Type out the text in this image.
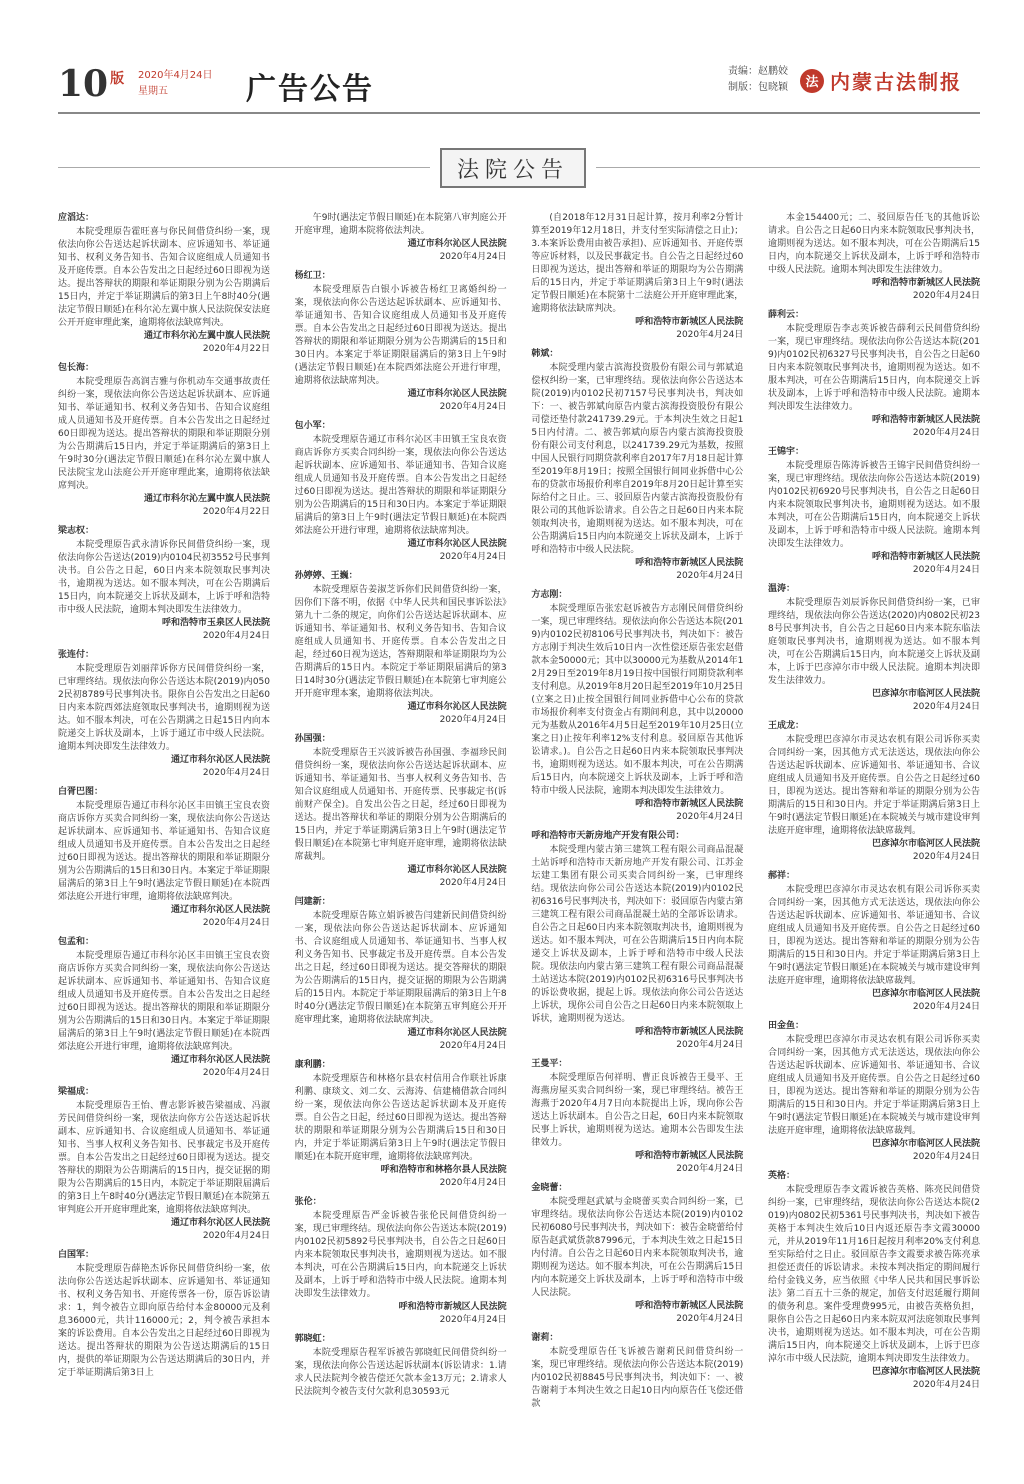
10 版 2020年4月24日
星期五	广告公告
责编：赵鹏姣
制版：包晓颖	法 内蒙古法制报
法院公告
应滔达：
本院受理原告霍旺喜与你民间借贷纠纷一案，现依法向你公告送达起诉状副本、应诉通知书、举证通知书、权利义务告知书、告知合议庭组成人员通知书及开庭传票。自本公告发出之日起经过60日即视为送达。提出答辩状的期限和举证期限分别为公告期满后15日内，并定于举证期满后的第3日上午8时40分(遇法定节假日顺延)在科尔沁左翼中旗人民法院保安法庭公开开庭审理此案，逾期将依法缺席判决。
通辽市科尔沁左翼中旗人民法院
2020年4月22日
包长海：
本院受理原告高润吉雅与你机动车交通事故责任纠纷一案，现依法向你公告送达起诉状副本、应诉通知书、举证通知书、权利义务告知书、告知合议庭组成人员通知书及开庭传票。自本公告发出之日起经过60日即视为送达。提出答辩状的期限和举证期限分别为公告期满后15日内，并定于举证期满后的第3日上午9时30分(遇法定节假日顺延)在科尔沁左翼中旗人民法院宝龙山法庭公开开庭审理此案，逾期将依法缺席判决。
通辽市科尔沁左翼中旗人民法院
2020年4月22日
梁志权：
本院受理原告武永清诉你民间借贷纠纷一案，现依法向你公告送达(2019)内0104民初3552号民事判决书。自公告之日起，60日内来本院领取民事判决书，逾期视为送达。如不服本判决，可在公告期满后15日内，向本院递交上诉状及副本，上诉于呼和浩特市中级人民法院，逾期本判决即发生法律效力。
呼和浩特市玉泉区人民法院
2020年4月24日
张连付：
本院受理原告刘丽萍诉你方民间借贷纠纷一案，已审理终结。现依法向你公告送达本院(2019)内0502民初8789号民事判决书。限你自公告发出之日起60日内来本院西郊法庭领取民事判决书，逾期则视为送达。如不服本判决，可在公告期满之日起15日内向本院递交上诉状及副本，上诉于通辽市中级人民法院。逾期本判决即发生法律效力。
通辽市科尔沁区人民法院
2020年4月24日
白胥巴图：
本院受理原告通辽市科尔沁区丰田镇王宝良农资商店诉你方买卖合同纠纷一案，现依法向你公告送达起诉状副本、应诉通知书、举证通知书、告知合议庭组成人员通知书及开庭传票。自本公告发出之日起经过60日即视为送达。提出答辩状的期限和举证期限分别为公告期满后的15日和30日内。本案定于举证期限届满后的第3日上午9时(遇法定节假日顺延)在本院西郊法庭公开进行审理，逾期将依法缺席判决。
通辽市科尔沁区人民法院
2020年4月24日
包孟和：
本院受理原告通辽市科尔沁区丰田镇王宝良农资商店诉你方买卖合同纠纷一案，现依法向你公告送达起诉状副本、应诉通知书、举证通知书、告知合议庭组成人员通知书及开庭传票。自本公告发出之日起经过60日即视为送达。提出答辩状的期限和举证期限分别为公告期满后的15日和30日内。本案定于举证期限届满后的第3日上午9时(遇法定节假日顺延)在本院西郊法庭公开进行审理，逾期将依法缺席判决。
通辽市科尔沁区人民法院
2020年4月24日
梁福成：
本院受理原告王怡、曹志影诉被告梁福成、冯淑芳民间借贷纠纷一案，现依法向你方公告送达起诉状副本、应诉通知书、合议庭组成人员通知书、举证通知书、当事人权利义务告知书、民事裁定书及开庭传票。自本公告发出之日起经过60日即视为送达。提交答辩状的期限为公告期满后的15日内，提交证据的期限为公告期满后的15日内，本院定于举证期限届满后的第3日上午8时40分(遇法定节假日顺延)在本院第五审判庭公开开庭审理此案，逾期将依法缺席判决。
通辽市科尔沁区人民法院
2020年4月24日
白国军：
本院受理原告薛艳杰诉你民间借贷纠纷一案，依法向你公告送达起诉状副本、应诉通知书、举证通知书、权利义务告知书、开庭传票各一份，原告诉讼请求：1，判令被告立即向原告给付本金80000元及利息36000元，共计116000元；2，判令被告承担本案的诉讼费用。自本公告发出之日起经过60日即视为送达。提出答辩状的期限为公告送达期满后的15日内，提供的举证期限为公告送达期满后的30日内，并定于举证期满后第3日上
午9时(遇法定节假日顺延)在本院第八审判庭公开开庭审理，逾期本院将依法判决。
通辽市科尔沁区人民法院
2020年4月24日
杨红卫：
本院受理原告白银小诉被告杨红卫离婚纠纷一案，现依法向你公告送达起诉状副本、应诉通知书、举证通知书、告知合议庭组成人员通知书及开庭传票。自本公告发出之日起经过60日即视为送达。提出答辩状的期限和举证期限分别为公告期满后的15日和30日内。本案定于举证期限届满后的第3日上午9时(遇法定节假日顺延)在本院西郊法庭公开进行审理，逾期将依法缺席判决。
通辽市科尔沁区人民法院
2020年4月24日
包小军：
本院受理原告通辽市科尔沁区丰田镇王宝良农资商店诉你方买卖合同纠纷一案，现依法向你公告送达起诉状副本、应诉通知书、举证通知书、告知合议庭组成人员通知书及开庭传票。自本公告发出之日起经过60日即视为送达。提出答辩状的期限和举证期限分别为公告期满后的15日和30日内。本案定于举证期限届满后的第3日上午9时(遇法定节假日顺延)在本院西郊法庭公开进行审理，逾期将依法缺席判决。
通辽市科尔沁区人民法院
2020年4月24日
孙婷婷、王巍：
本院受理原告姜淑芝诉你们民间借贷纠纷一案，因你们下落不明，依据《中华人民共和国民事诉讼法》第九十二条的规定，向你们公告送达起诉状副本、应诉通知书、举证通知书、权利义务告知书、告知合议庭组成人员通知书、开庭传票。自本公告发出之日起，经过60日视为送达，答辩期限和举证期限均为公告期满后的15日内。本院定于举证期限届满后的第3日14时30分(遇法定节假日顺延)在本院第七审判庭公开开庭审理本案，逾期将依法判决。
通辽市科尔沁区人民法院
2020年4月24日
孙国强：
本院受理原告王兴波诉被告孙国强、李福珍民间借贷纠纷一案，现依法向你公告送达起诉状副本、应诉通知书、举证通知书、当事人权利义务告知书、告知合议庭组成人员通知书、开庭传票、民事裁定书(诉前财产保全)。自发出公告之日起，经过60日即视为送达。提出答辩状和举证的期限分别为公告期满后的15日内，并定于举证期满后第3日上午9时(遇法定节假日顺延)在本院第七审判庭开庭审理，逾期将依法缺席裁判。
通辽市科尔沁区人民法院
2020年4月24日
闫建新：
本院受理原告陈立娟诉被告闫建新民间借贷纠纷一案，现依法向你公告送达起诉状副本、应诉通知书、合议庭组成人员通知书、举证通知书、当事人权利义务告知书、民事裁定书及开庭传票。自本公告发出之日起，经过60日即视为送达。提交答辩状的期限为公告期满后的15日内，提交证据的期限为公告期满后的15日内。本院定于举证期限届满后的第3日上午8时40分(遇法定节假日顺延)在本院第五审判庭公开开庭审理此案，逾期将依法缺席判决。
通辽市科尔沁区人民法院
2020年4月24日
康利鹏：
本院受理原告和林格尔县农村信用合作联社诉康利鹏、康琰文、刘二女、云海涛、信建楠借款合同纠纷一案，现依法向你公告送达起诉状副本及开庭传票。自公告之日起，经过60日即视为送达。提出答辩状的期限和举证期限分别为公告期满后15日和30日内，并定于举证期满后第3日上午9时(遇法定节假日顺延)在本院开庭审理，逾期将依法缺席判决。
呼和浩特市和林格尔县人民法院
2020年4月24日
张伦：
本院受理原告严金诉被告张伦民间借贷纠纷一案，现已审理终结。现依法向你公告送达本院(2019)内0102民初5892号民事判决书，自公告之日起60日内来本院领取民事判决书，逾期则视为送达。如不服本判决，可在公告期满后15日内，向本院递交上诉状及副本，上诉于呼和浩特市中级人民法院。逾期本判决即发生法律效力。
呼和浩特市新城区人民法院
2020年4月24日
郭晓虹：
本院受理原告程军诉被告郭晓虹民间借贷纠纷一案，现依法向你公告送达起诉状副本(诉讼请求：1.请求人民法院判令被告偿还欠款本金13万元；2.请求人民法院判令被告支付欠款利息30593元
(自2018年12月31日起计算，按月利率2分暂计算至2019年12月18日，并支付至实际清偿之日止)；3.本案诉讼费用由被告承担)、应诉通知书、开庭传票等应诉材料，以及民事裁定书。自公告之日起经过60日即视为送达，提出答辩和举证的期限均为公告期满后的15日内，并定于举证期满后第3日上午9时(遇法定节假日顺延)在本院第十二法庭公开开庭审理此案，逾期将依法缺席判决。
呼和浩特市新城区人民法院
2020年4月24日
韩斌：
本院受理内蒙古滨海投资股份有限公司与郭斌追偿权纠纷一案，已审理终结。现依法向你公告送达本院(2019)内0102民初7157号民事判决书，判决如下：一、被告郭斌向原告内蒙古滨海投资股份有限公司偿还垫付款241739.29元。于本判决生效之日起15日内付清。二、被告郭斌向原告内蒙古滨海投资股份有限公司支付利息，以241739.29元为基数，按照中国人民银行同期贷款利率自2017年7月18日起计算至2019年8月19日；按照全国银行间同业拆借中心公布的贷款市场报价利率自2019年8月20日起计算至实际给付之日止。三、驳回原告内蒙古滨海投资股份有限公司的其他诉讼请求。自公告之日起60日内来本院领取判决书，逾期则视为送达。如不服本判决，可在公告期满后15日内向本院递交上诉状及副本，上诉于呼和浩特市中级人民法院。
呼和浩特市新城区人民法院
2020年4月24日
方志刚：
本院受理原告张宏赵诉被告方志刚民间借贷纠纷一案，现已审理终结。现依法向你公告送达本院(2019)内0102民初8106号民事判决书，判决如下：被告方志刚于判决生效后10日内一次性偿还原告张宏赵借款本金50000元；其中以30000元为基数从2014年12月29日至2019年8月19日按中国银行同期贷款利率支付利息。从2019年8月20日起至2019年10月25日(立案之日)止按全国银行间同业拆借中心公布的贷款市场报价利率支付资金占有期间利息，其中以20000元为基数从2016年4月5日起至2019年10月25日(立案之日)止按年利率12%支付利息。驳回原告其他诉讼请求。)。自公告之日起60日内来本院领取民事判决书，逾期则视为送达。如不服本判决，可在公告期满后15日内，向本院递交上诉状及副本，上诉于呼和浩特市中级人民法院，逾期本判决即发生法律效力。
呼和浩特市新城区人民法院
2020年4月24日
呼和浩特市天新房地产开发有限公司：
本院受理内蒙古第三建筑工程有限公司商品混凝土站诉呼和浩特市天新房地产开发有限公司、江苏金坛建工集团有限公司买卖合同纠纷一案，已审理终结。现依法向你公司公告送达本院(2019)内0102民初6316号民事判决书，判决如下：驳回原告内蒙古第三建筑工程有限公司商品混凝土站的全部诉讼请求。自公告之日起60日内来本院领取判决书，逾期则视为送达。如不服本判决，可在公告期满后15日内向本院递交上诉状及副本，上诉于呼和浩特市中级人民法院。现依法向内蒙古第三建筑工程有限公司商品混凝土站送达本院(2019)内0102民初6316号民事判决书的诉讼费收据，提起上诉。现依法向你公司公告送达上诉状，现你公司自公告之日起60日内来本院领取上诉状，逾期则视为送达。
呼和浩特市新城区人民法院
2020年4月24日
王曼平：
本院受理原告何祥明、曹正良诉被告王曼平、王海燕房屋买卖合同纠纷一案，现已审理终结。被告王海燕于2020年4月7日向本院提出上诉，现向你公告送达上诉状副本。自公告之日起，60日内来本院领取民事上诉状，逾期则视为送达。逾期本公告即发生法律效力。
呼和浩特市新城区人民法院
2020年4月24日
金晓蕾：
本院受理赵武斌与金晓蕾买卖合同纠纷一案，已审理终结。现依法向你公告送达本院(2019)内0102民初6080号民事判决书，判决如下：被告金晓蕾给付原告赵武斌货款87996元，于本判决生效之日起15日内付清。自公告之日起60日内来本院领取判决书，逾期则视为送达。如不服本判决，可在公告期满后15日内向本院递交上诉状及副本，上诉于呼和浩特市中级人民法院。
呼和浩特市新城区人民法院
2020年4月24日
谢莉：
本院受理原告任飞诉被告谢莉民间借贷纠纷一案，现已审理终结。现依法向你公告送达本院(2019)内0102民初8845号民事判决书，判决如下：一、被告谢莉于本判决生效之日起10日内向原告任飞偿还借款
本金154400元；二、驳回原告任飞的其他诉讼请求。自公告之日起60日内来本院领取民事判决书，逾期则视为送达。如不服本判决，可在公告期满后15日内，向本院递交上诉状及副本，上诉于呼和浩特市中级人民法院。逾期本判决即发生法律效力。
呼和浩特市新城区人民法院
2020年4月24日
薛利云：
本院受理原告李志英诉被告薛利云民间借贷纠纷一案，现已审理终结。现依法向你公告送达本院(2019)内0102民初6327号民事判决书，自公告之日起60日内来本院领取民事判决书，逾期则视为送达。如不服本判决，可在公告期满后15日内，向本院递交上诉状及副本，上诉于呼和浩特市中级人民法院。逾期本判决即发生法律效力。
呼和浩特市新城区人民法院
2020年4月24日
王锦宇：
本院受理原告陈涛诉被告王锦宇民间借贷纠纷一案，现已审理终结。现依法向你公告送达本院(2019)内0102民初6920号民事判决书，自公告之日起60日内来本院领取民事判决书，逾期则视为送达。如不服本判决，可在公告期满后15日内，向本院递交上诉状及副本，上诉于呼和浩特市中级人民法院。逾期本判决即发生法律效力。
呼和浩特市新城区人民法院
2020年4月24日
温涛：
本院受理原告刘辰诉你民间借贷纠纷一案，已审理终结，现依法向你公告送达(2020)内0802民初238号民事判决书，自公告之日起60日内来本院东临法庭领取民事判决书，逾期则视为送达。如不服本判决，可在公告期满后15日内，向本院递交上诉状及副本，上诉于巴彦淖尔市中级人民法院。逾期本判决即发生法律效力。
巴彦淖尔市临河区人民法院
2020年4月24日
王成龙：
本院受理巴彦淖尔市灵达农机有限公司诉你买卖合同纠纷一案，因其他方式无法送达，现依法向你公告送达起诉状副本、应诉通知书、举证通知书、合议庭组成人员通知书及开庭传票。自公告之日起经过60日，即视为送达。提出答辩和举证的期限分别为公告期满后的15日和30日内。并定于举证期满后第3日上午9时(遇法定节假日顺延)在本院城关与城市建设审判法庭开庭审理，逾期将依法缺席裁判。
巴彦淖尔市临河区人民法院
2020年4月24日
郝祥：
本院受理巴彦淖尔市灵达农机有限公司诉你买卖合同纠纷一案，因其他方式无法送达，现依法向你公告送达起诉状副本、应诉通知书、举证通知书、合议庭组成人员通知书及开庭传票。自公告之日起经过60日，即视为送达。提出答辩和举证的期限分别为公告期满后的15日和30日内。并定于举证期满后第3日上午9时(遇法定节假日顺延)在本院城关与城市建设审判法庭开庭审理，逾期将依法缺席裁判。
巴彦淖尔市临河区人民法院
2020年4月24日
田金鱼：
本院受理巴彦淖尔市灵达农机有限公司诉你买卖合同纠纷一案，因其他方式无法送达，现依法向你公告送达起诉状副本、应诉通知书、举证通知书、合议庭组成人员通知书及开庭传票。自公告之日起经过60日，即视为送达。提出答辩和举证的期限分别为公告期满后的15日和30日内。并定于举证期满后第3日上午9时(遇法定节假日顺延)在本院城关与城市建设审判法庭开庭审理，逾期将依法缺席裁判。
巴彦淖尔市临河区人民法院
2020年4月24日
英格：
本院受理原告李文霞诉被告英格、陈亮民间借贷纠纷一案，已审理终结，现依法向你公告送达本院(2019)内0802民初5361号民事判决书，判决如下被告英格于本判决生效后10日内返还原告李文霞30000元，并从2019年11月16日起按月利率20%支付利息至实际给付之日止。驳回原告李文霞要求被告陈亮承担偿还责任的诉讼请求。未按本判决指定的期间履行给付金钱义务，应当依照《中华人民共和国民事诉讼法》第二百五十三条的规定，加倍支付迟延履行期间的债务利息。案件受理费995元，由被告英格负担，限你自公告之日起60日内来本院双河法庭领取民事判决书，逾期则视为送达。如不服本判决，可在公告期满后15日内，向本院递交上诉状及副本，上诉于巴彦淖尔市中级人民法院，逾期本判决即发生法律效力。
巴彦淖尔市临河区人民法院
2020年4月24日
